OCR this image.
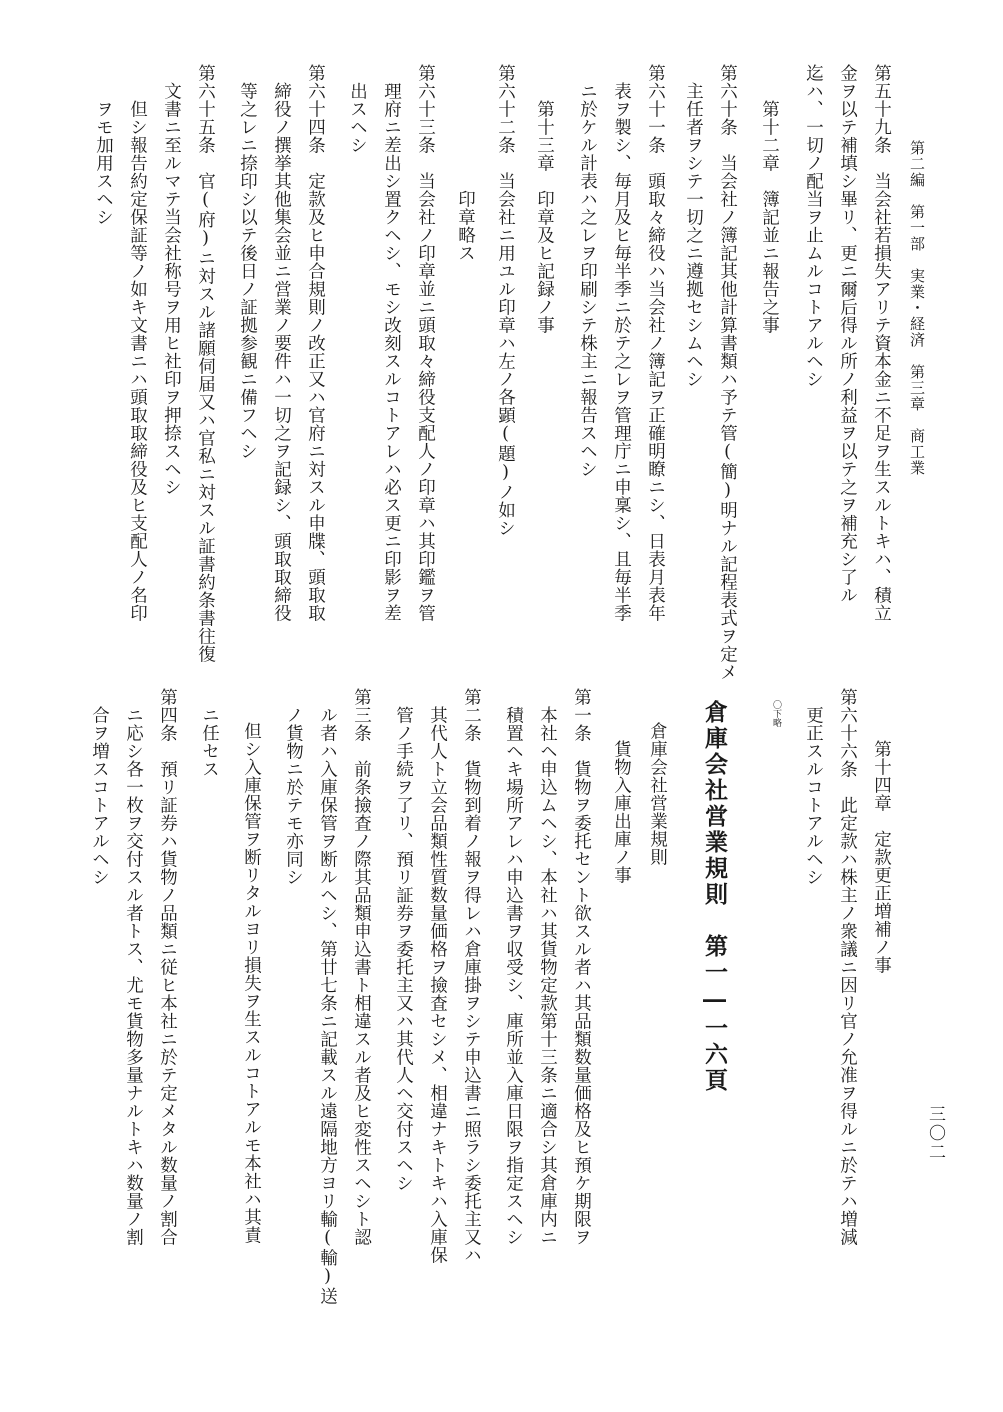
第二編　第一部　実業・経済　第三章　商工業
三〇二
第五十九条　当会社若損失アリテ資本金ニ不足ヲ生スルトキハ、積立
金ヲ以テ補填シ畢リ、更ニ爾后得ル所ノ利益ヲ以テ之ヲ補充シ了ル
迄ハ、一切ノ配当ヲ止ムルコトアルヘシ
第十二章　簿記並ニ報告之事
第六十条　当会社ノ簿記其他計算書類ハ予テ管(簡)明ナル記程表式ヲ定メ
主任者ヲシテ一切之ニ遵拠セシムヘシ
第六十一条　頭取々締役ハ当会社ノ簿記ヲ正確明瞭ニシ、日表月表年
表ヲ製シ、毎月及ヒ毎半季ニ於テ之レヲ管理庁ニ申稟シ、且毎半季
ニ於ケル計表ハ之レヲ印刷シテ株主ニ報告スヘシ
第十三章　印章及ヒ記録ノ事
第六十二条　当会社ニ用ユル印章ハ左ノ各顕(題)ノ如シ
印章略ス
第六十三条　当会社ノ印章並ニ頭取々締役支配人ノ印章ハ其印鑑ヲ管
理府ニ差出シ置クヘシ、モシ改刻スルコトアレハ必ス更ニ印影ヲ差
出スヘシ
第六十四条　定款及ヒ申合規則ノ改正又ハ官府ニ対スル申牒、頭取取
締役ノ撰挙其他集会並ニ営業ノ要件ハ一切之ヲ記録シ、頭取取締役
等之レニ捺印シ以テ後日ノ証拠参観ニ備フヘシ
第六十五条　官(府)ニ対スル諸願伺届又ハ官私ニ対スル証書約条書往復
文書ニ至ルマテ当会社称号ヲ用ヒ社印ヲ押捺スヘシ
但シ報告約定保証等ノ如キ文書ニハ頭取取締役及ヒ支配人ノ名印
ヲモ加用スヘシ
第十四章　定款更正増補ノ事
第六十六条　此定款ハ株主ノ衆議ニ因リ官ノ允准ヲ得ルニ於テハ増減
更正スルコトアルヘシ
〇下略
倉庫会社営業規則　第一―一六頁
倉庫会社営業規則
貨物入庫出庫ノ事
第一条　貨物ヲ委托セント欲スル者ハ其品類数量価格及ヒ預ケ期限ヲ
本社ヘ申込ムヘシ、本社ハ其貨物定款第十三条ニ適合シ其倉庫内ニ
積置ヘキ場所アレハ申込書ヲ収受シ、庫所並入庫日限ヲ指定スヘシ
第二条　貨物到着ノ報ヲ得レハ倉庫掛ヲシテ申込書ニ照ラシ委托主又ハ
其代人ト立会品類性質数量価格ヲ撿査セシメ、相違ナキトキハ入庫保
管ノ手続ヲ了リ、預リ証券ヲ委托主又ハ其代人ヘ交付スヘシ
第三条　前条撿査ノ際其品類申込書ト相違スル者及ヒ変性スヘシト認
ル者ハ入庫保管ヲ断ルヘシ、第廿七条ニ記載スル遠隔地方ヨリ輸(輸)送
ノ貨物ニ於テモ亦同シ
但シ入庫保管ヲ断リタルヨリ損失ヲ生スルコトアルモ本社ハ其責
ニ任セス
第四条　預リ証券ハ貨物ノ品類ニ従ヒ本社ニ於テ定メタル数量ノ割合
ニ応シ各一枚ヲ交付スル者トス、尤モ貨物多量ナルトキハ数量ノ割
合ヲ増スコトアルヘシ
